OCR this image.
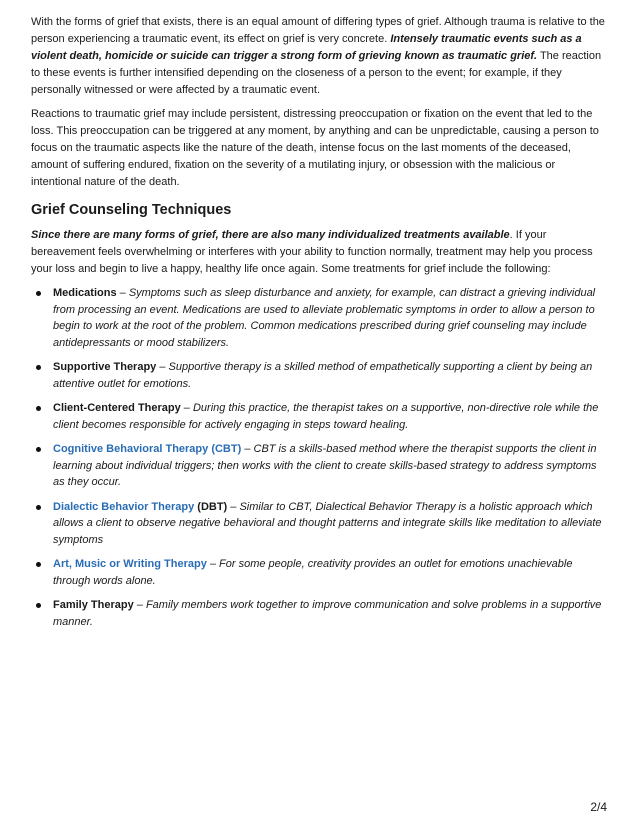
With the forms of grief that exists, there is an equal amount of differing types of grief. Although trauma is relative to the person experiencing a traumatic event, its effect on grief is very concrete. Intensely traumatic events such as a violent death, homicide or suicide can trigger a strong form of grieving known as traumatic grief. The reaction to these events is further intensified depending on the closeness of a person to the event; for example, if they personally witnessed or were affected by a traumatic event.

Reactions to traumatic grief may include persistent, distressing preoccupation or fixation on the event that led to the loss. This preoccupation can be triggered at any moment, by anything and can be unpredictable, causing a person to focus on the traumatic aspects like the nature of the death, intense focus on the last moments of the deceased, amount of suffering endured, fixation on the severity of a mutilating injury, or obsession with the malicious or intentional nature of the death.

Grief Counseling Techniques

Since there are many forms of grief, there are also many individualized treatments available. If your bereavement feels overwhelming or interferes with your ability to function normally, treatment may help you process your loss and begin to live a happy, healthy life once again. Some treatments for grief include the following:

Medications – Symptoms such as sleep disturbance and anxiety, for example, can distract a grieving individual from processing an event. Medications are used to alleviate problematic symptoms in order to allow a person to begin to work at the root of the problem. Common medications prescribed during grief counseling may include antidepressants or mood stabilizers.
Supportive Therapy – Supportive therapy is a skilled method of empathetically supporting a client by being an attentive outlet for emotions.
Client-Centered Therapy – During this practice, the therapist takes on a supportive, non-directive role while the client becomes responsible for actively engaging in steps toward healing.
Cognitive Behavioral Therapy (CBT) – CBT is a skills-based method where the therapist supports the client in learning about individual triggers; then works with the client to create skills-based strategy to address symptoms as they occur.
Dialectic Behavior Therapy (DBT) – Similar to CBT, Dialectical Behavior Therapy is a holistic approach which allows a client to observe negative behavioral and thought patterns and integrate skills like meditation to alleviate symptoms
Art, Music or Writing Therapy – For some people, creativity provides an outlet for emotions unachievable through words alone.
Family Therapy – Family members work together to improve communication and solve problems in a supportive manner.
2/4
